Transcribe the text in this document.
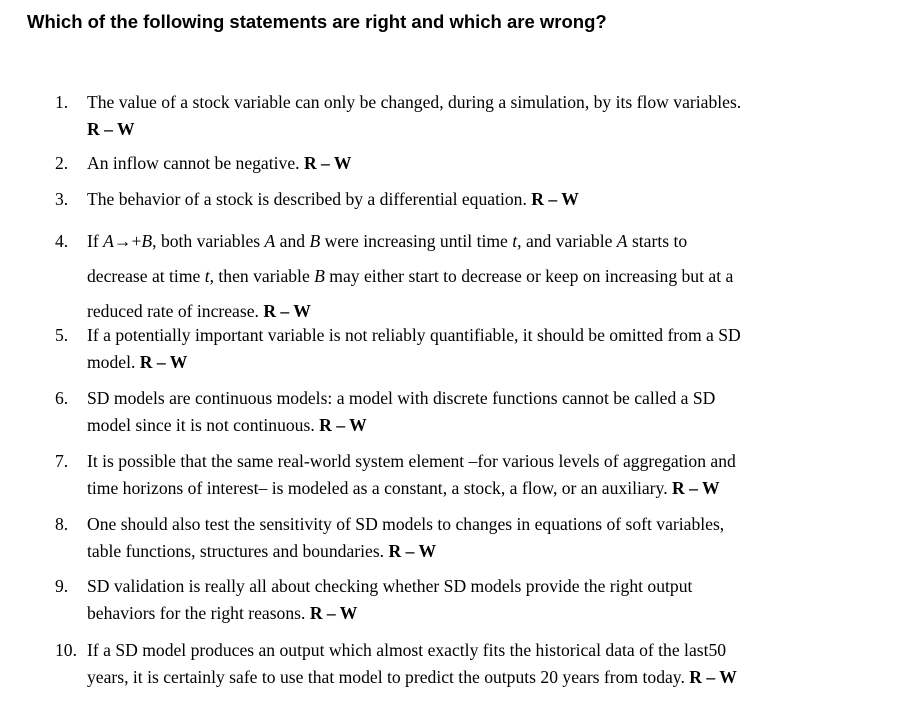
Which of the following statements are right and which are wrong?
1. The value of a stock variable can only be changed, during a simulation, by its flow variables.
R – W
2. An inflow cannot be negative. R – W
3. The behavior of a stock is described by a differential equation. R – W
4. If A→+B, both variables A and B were increasing until time t, and variable A starts to
decrease at time t, then variable B may either start to decrease or keep on increasing but at a
reduced rate of increase. R – W
5. If a potentially important variable is not reliably quantifiable, it should be omitted from a SD
model. R – W
6. SD models are continuous models: a model with discrete functions cannot be called a SD
model since it is not continuous. R – W
7. It is possible that the same real-world system element –for various levels of aggregation and
time horizons of interest– is modeled as a constant, a stock, a flow, or an auxiliary. R – W
8. One should also test the sensitivity of SD models to changes in equations of soft variables,
table functions, structures and boundaries. R – W
9. SD validation is really all about checking whether SD models provide the right output
behaviors for the right reasons. R – W
10. If a SD model produces an output which almost exactly fits the historical data of the last50
years, it is certainly safe to use that model to predict the outputs 20 years from today. R – W
